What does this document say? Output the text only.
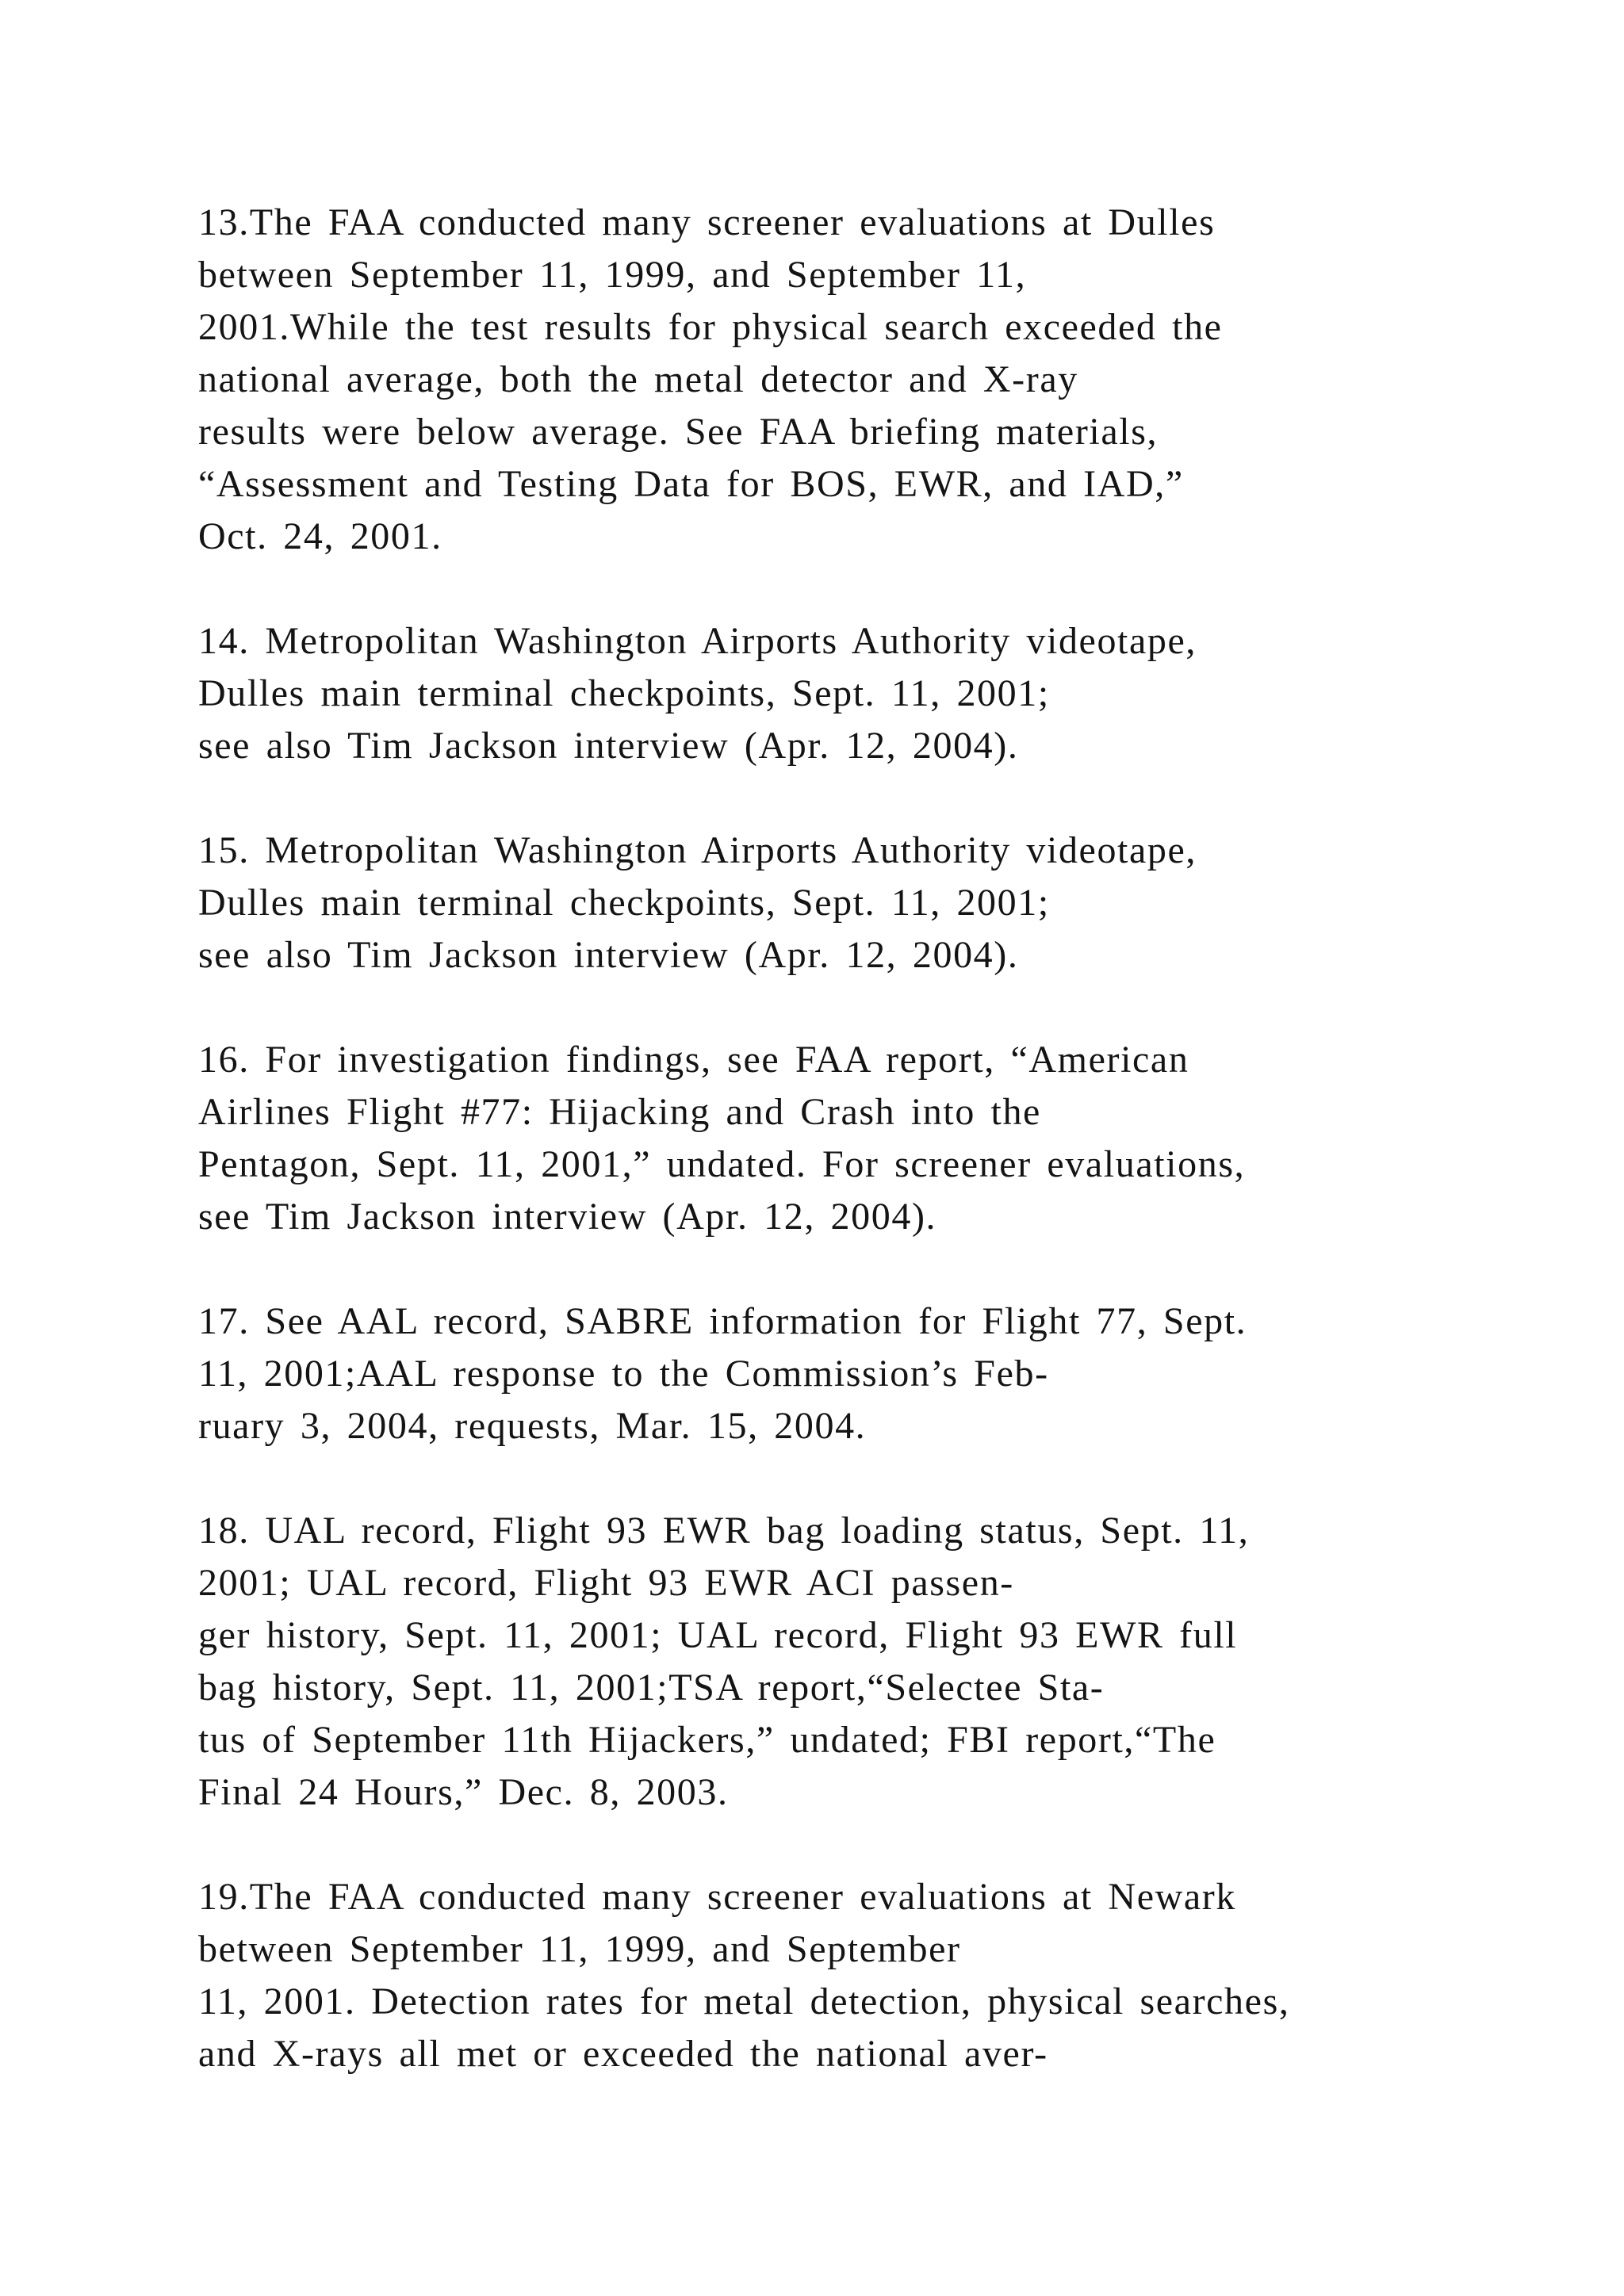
13.The FAA conducted many screener evaluations at Dulles
between September 11, 1999, and September 11,
2001.While the test results for physical search exceeded the
national average, both the metal detector and X-ray
results were below average. See FAA briefing materials,
“Assessment and Testing Data for BOS, EWR, and IAD,”
Oct. 24, 2001.
14. Metropolitan Washington Airports Authority videotape,
Dulles main terminal checkpoints, Sept. 11, 2001;
see also Tim Jackson interview (Apr. 12, 2004).
15. Metropolitan Washington Airports Authority videotape,
Dulles main terminal checkpoints, Sept. 11, 2001;
see also Tim Jackson interview (Apr. 12, 2004).
16. For investigation findings, see FAA report, “American
Airlines Flight #77: Hijacking and Crash into the
Pentagon, Sept. 11, 2001,” undated. For screener evaluations,
see Tim Jackson interview (Apr. 12, 2004).
17. See AAL record, SABRE information for Flight 77, Sept.
11, 2001;AAL response to the Commission’s Feb-
ruary 3, 2004, requests, Mar. 15, 2004.
18. UAL record, Flight 93 EWR bag loading status, Sept. 11,
2001; UAL record, Flight 93 EWR ACI passen-
ger history, Sept. 11, 2001; UAL record, Flight 93 EWR full
bag history, Sept. 11, 2001;TSA report,“Selectee Sta-
tus of September 11th Hijackers,” undated; FBI report,“The
Final 24 Hours,” Dec. 8, 2003.
19.The FAA conducted many screener evaluations at Newark
between September 11, 1999, and September
11, 2001. Detection rates for metal detection, physical searches,
and X-rays all met or exceeded the national aver-
